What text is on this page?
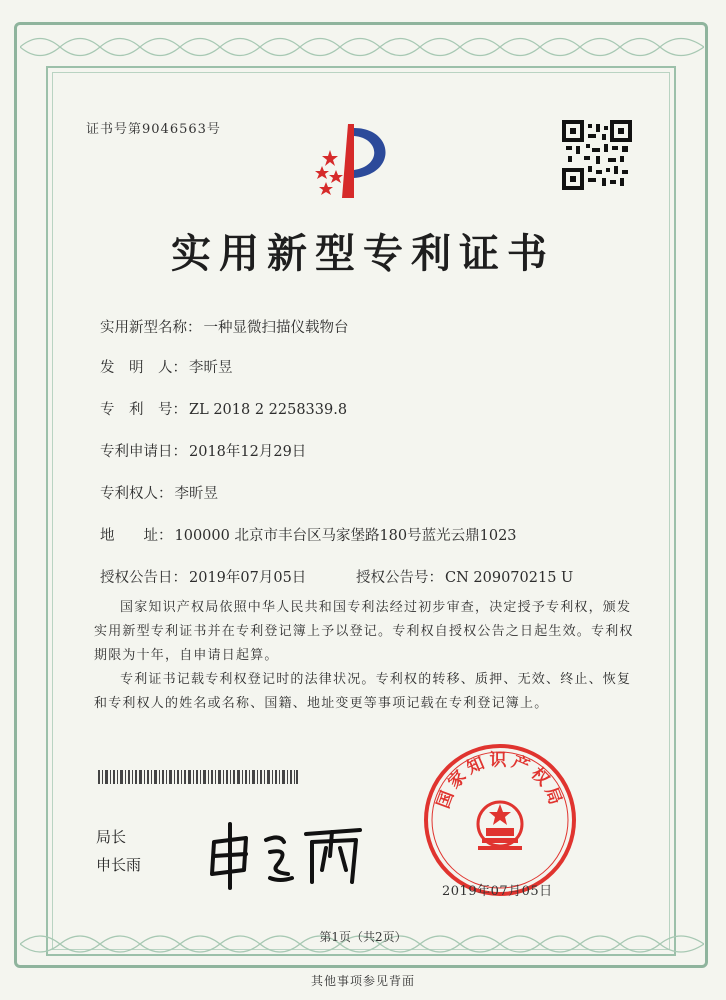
证书号第9046563号
实用新型专利证书
实用新型名称： 一种显微扫描仪载物台
发　明　人： 李昕昱
专　利　号： ZL 2018 2 2258339.8
专利申请日： 2018年12月29日
专利权人： 李昕昱
地　　址： 100000 北京市丰台区马家堡路180号蓝光云鼎1023
授权公告日： 2019年07月05日	授权公告号： CN 209070215 U
国家知识产权局依照中华人民共和国专利法经过初步审查，决定授予专利权，颁发实用新型专利证书并在专利登记簿上予以登记。专利权自授权公告之日起生效。专利权期限为十年，自申请日起算。
专利证书记载专利权登记时的法律状况。专利权的转移、质押、无效、终止、恢复和专利权人的姓名或名称、国籍、地址变更等事项记载在专利登记簿上。
局长
申长雨
国家知识产权局
2019年07月05日
第1页（共2页）
其他事项参见背面
